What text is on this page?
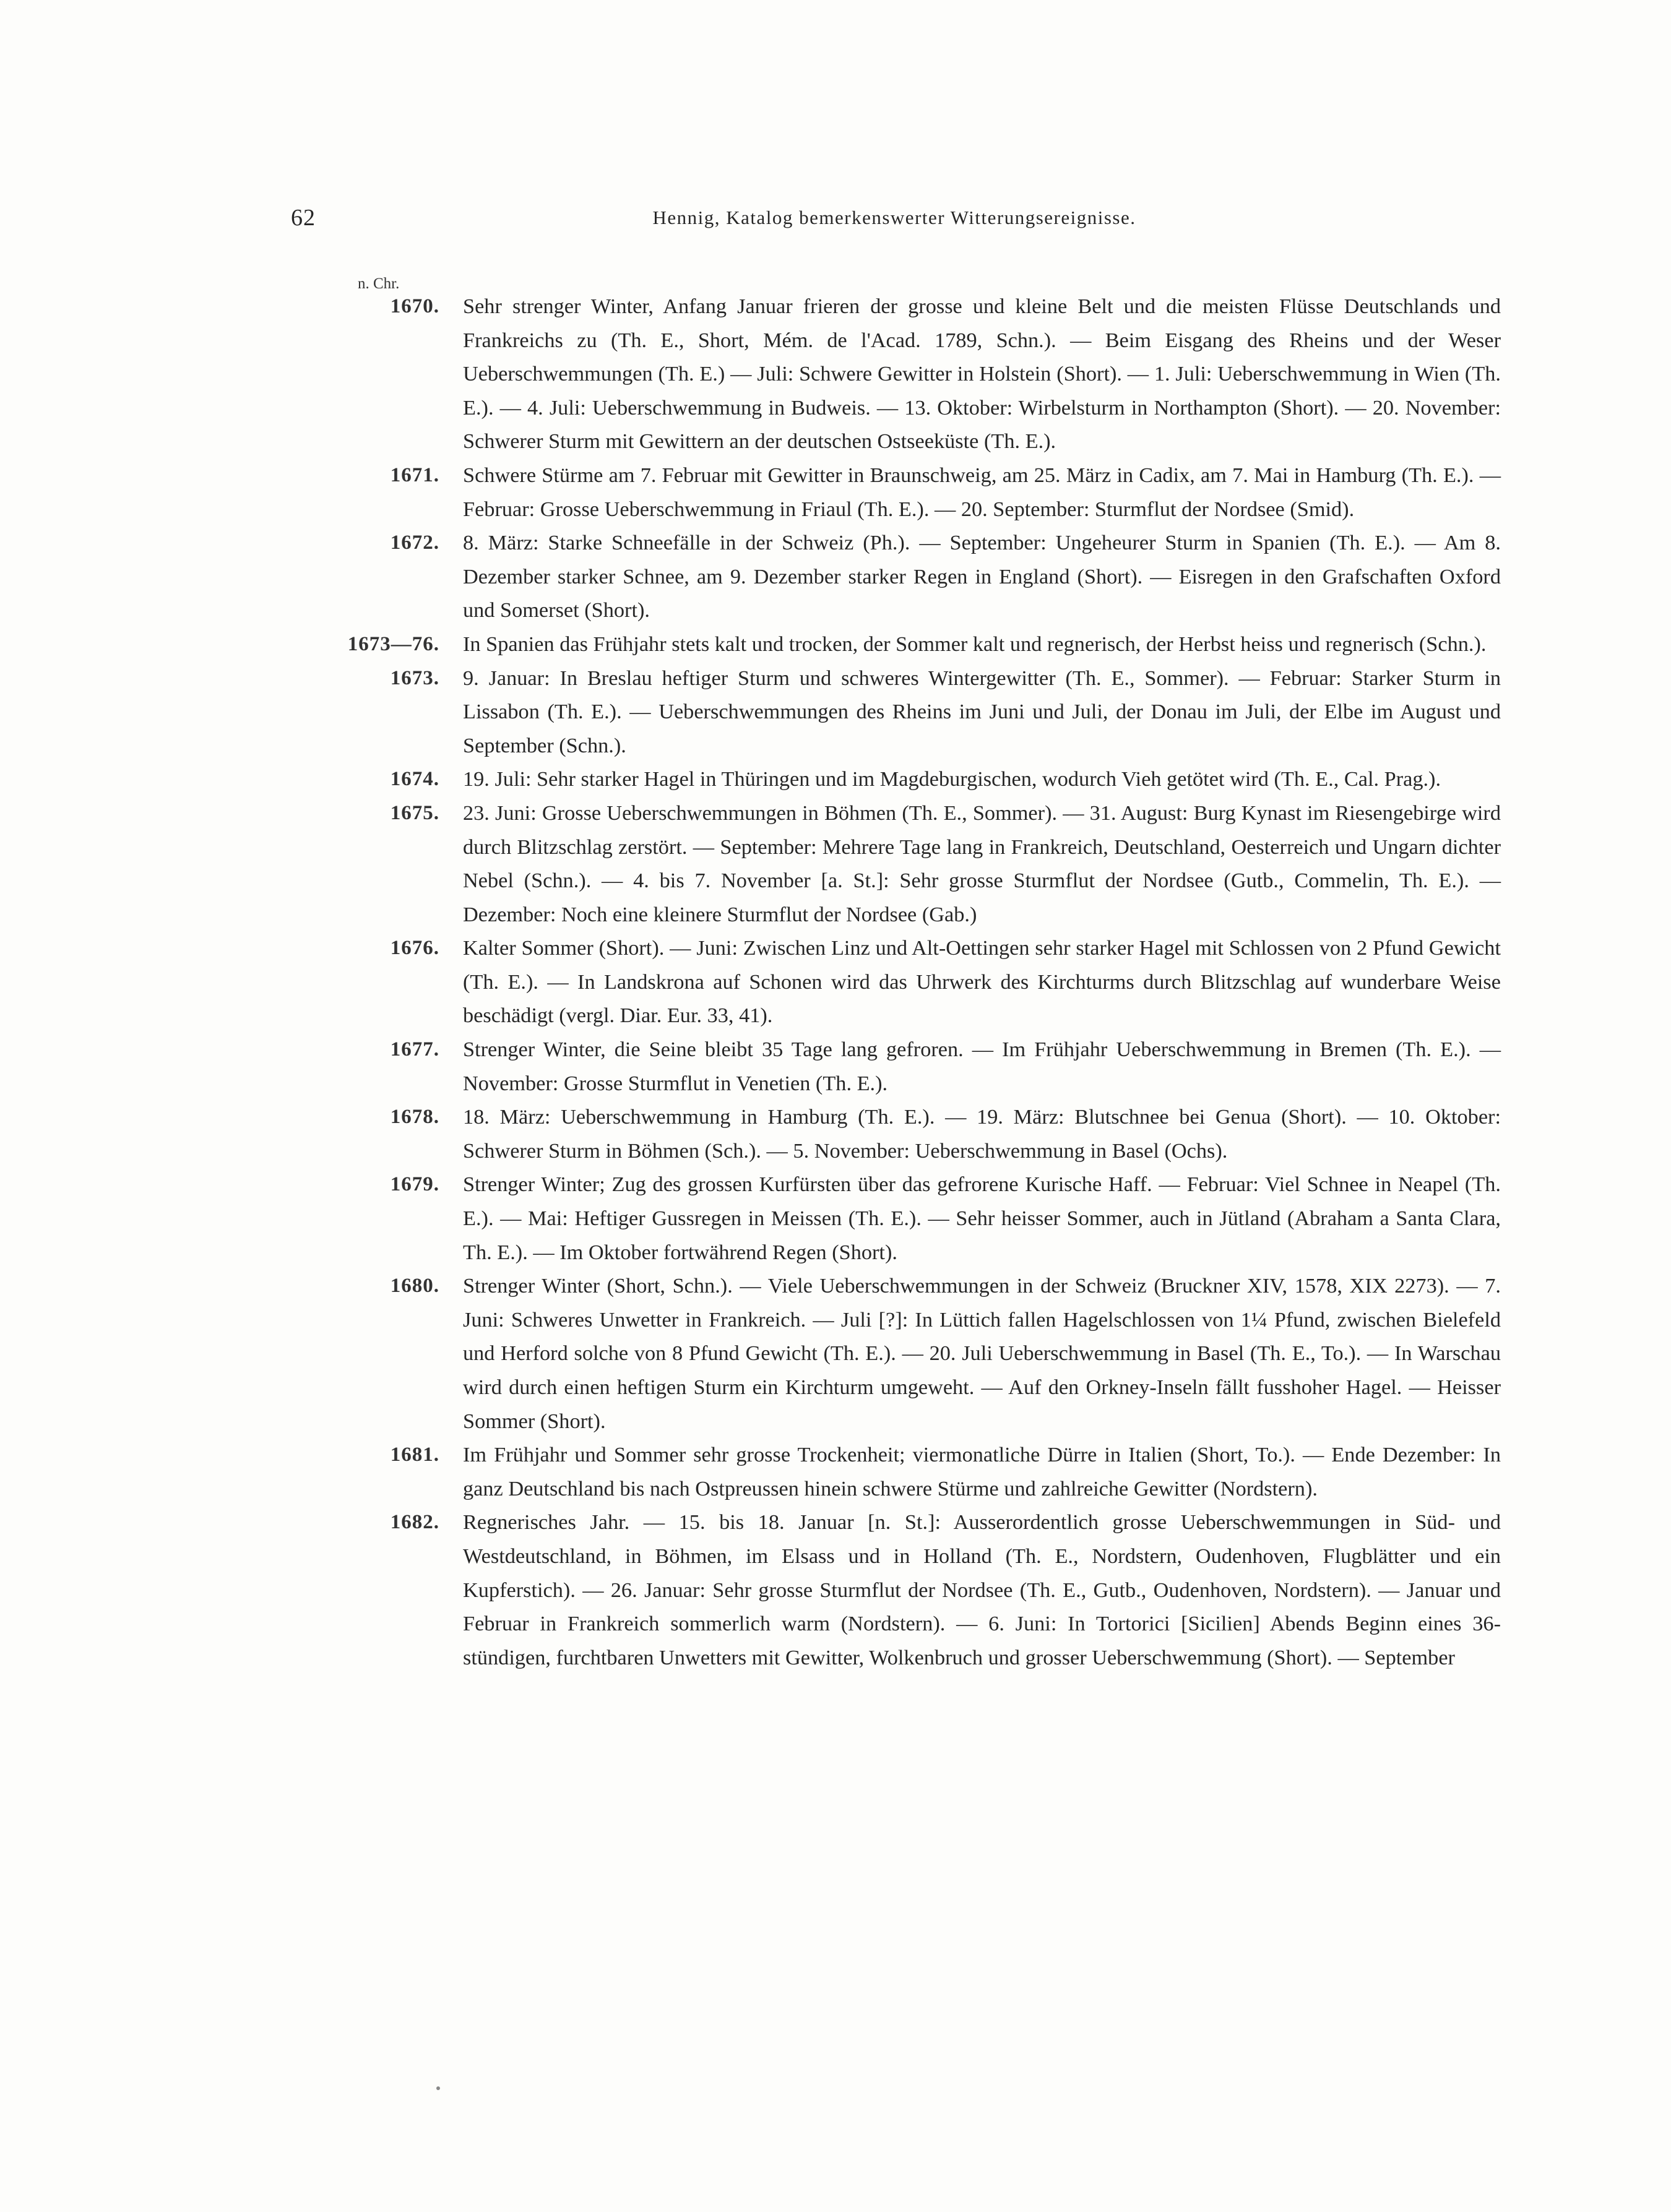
62	Hennig, Katalog bemerkenswerter Witterungsereignisse.
n. Chr.
1670.	Sehr strenger Winter, Anfang Januar frieren der grosse und kleine Belt und die meisten Flüsse Deutschlands und Frankreichs zu (Th. E., Short, Mém. de l'Acad. 1789, Schn.). — Beim Eisgang des Rheins und der Weser Ueberschwemmungen (Th. E.) — Juli: Schwere Gewitter in Holstein (Short). — 1. Juli: Ueberschwemmung in Wien (Th. E.). — 4. Juli: Ueberschwemmung in Budweis. — 13. Oktober: Wirbelsturm in Northampton (Short). — 20. November: Schwerer Sturm mit Gewittern an der deutschen Ostseeküste (Th. E.).
1671.	Schwere Stürme am 7. Februar mit Gewitter in Braunschweig, am 25. März in Cadix, am 7. Mai in Hamburg (Th. E.). — Februar: Grosse Ueberschwemmung in Friaul (Th. E.). — 20. September: Sturmflut der Nordsee (Smid).
1672.	8. März: Starke Schneefälle in der Schweiz (Ph.). — September: Ungeheurer Sturm in Spanien (Th. E.). — Am 8. Dezember starker Schnee, am 9. Dezember starker Regen in England (Short). — Eisregen in den Grafschaften Oxford und Somerset (Short).
1673—76.	In Spanien das Frühjahr stets kalt und trocken, der Sommer kalt und regnerisch, der Herbst heiss und regnerisch (Schn.).
1673.	9. Januar: In Breslau heftiger Sturm und schweres Wintergewitter (Th. E., Sommer). — Februar: Starker Sturm in Lissabon (Th. E.). — Ueberschwemmungen des Rheins im Juni und Juli, der Donau im Juli, der Elbe im August und September (Schn.).
1674.	19. Juli: Sehr starker Hagel in Thüringen und im Magdeburgischen, wodurch Vieh getötet wird (Th. E., Cal. Prag.).
1675.	23. Juni: Grosse Ueberschwemmungen in Böhmen (Th. E., Sommer). — 31. August: Burg Kynast im Riesengebirge wird durch Blitzschlag zerstört. — September: Mehrere Tage lang in Frankreich, Deutschland, Oesterreich und Ungarn dichter Nebel (Schn.). — 4. bis 7. November [a. St.]: Sehr grosse Sturmflut der Nordsee (Gutb., Commelin, Th. E.). — Dezember: Noch eine kleinere Sturmflut der Nordsee (Gab.)
1676.	Kalter Sommer (Short). — Juni: Zwischen Linz und Alt-Oettingen sehr starker Hagel mit Schlossen von 2 Pfund Gewicht (Th. E.). — In Landskrona auf Schonen wird das Uhrwerk des Kirchturms durch Blitzschlag auf wunderbare Weise beschädigt (vergl. Diar. Eur. 33, 41).
1677.	Strenger Winter, die Seine bleibt 35 Tage lang gefroren. — Im Frühjahr Ueberschwemmung in Bremen (Th. E.). — November: Grosse Sturmflut in Venetien (Th. E.).
1678.	18. März: Ueberschwemmung in Hamburg (Th. E.). — 19. März: Blutschnee bei Genua (Short). — 10. Oktober: Schwerer Sturm in Böhmen (Sch.). — 5. November: Ueberschwemmung in Basel (Ochs).
1679.	Strenger Winter; Zug des grossen Kurfürsten über das gefrorene Kurische Haff. — Februar: Viel Schnee in Neapel (Th. E.). — Mai: Heftiger Gussregen in Meissen (Th. E.). — Sehr heisser Sommer, auch in Jütland (Abraham a Santa Clara, Th. E.). — Im Oktober fortwährend Regen (Short).
1680.	Strenger Winter (Short, Schn.). — Viele Ueberschwemmungen in der Schweiz (Bruckner XIV, 1578, XIX 2273). — 7. Juni: Schweres Unwetter in Frankreich. — Juli [?]: In Lüttich fallen Hagelschlossen von 1¼ Pfund, zwischen Bielefeld und Herford solche von 8 Pfund Gewicht (Th. E.). — 20. Juli Ueberschwemmung in Basel (Th. E., To.). — In Warschau wird durch einen heftigen Sturm ein Kirchturm umgeweht. — Auf den Orkney-Inseln fällt fusshoher Hagel. — Heisser Sommer (Short).
1681.	Im Frühjahr und Sommer sehr grosse Trockenheit; viermonatliche Dürre in Italien (Short, To.). — Ende Dezember: In ganz Deutschland bis nach Ostpreussen hinein schwere Stürme und zahlreiche Gewitter (Nordstern).
1682.	Regnerisches Jahr. — 15. bis 18. Januar [n. St.]: Ausserordentlich grosse Ueberschwemmungen in Süd- und Westdeutschland, in Böhmen, im Elsass und in Holland (Th. E., Nordstern, Oudenhoven, Flugblätter und ein Kupferstich). — 26. Januar: Sehr grosse Sturmflut der Nordsee (Th. E., Gutb., Oudenhoven, Nordstern). — Januar und Februar in Frankreich sommerlich warm (Nordstern). — 6. Juni: In Tortorici [Sicilien] Abends Beginn eines 36-stündigen, furchtbaren Unwetters mit Gewitter, Wolkenbruch und grosser Ueberschwemmung (Short). — September
